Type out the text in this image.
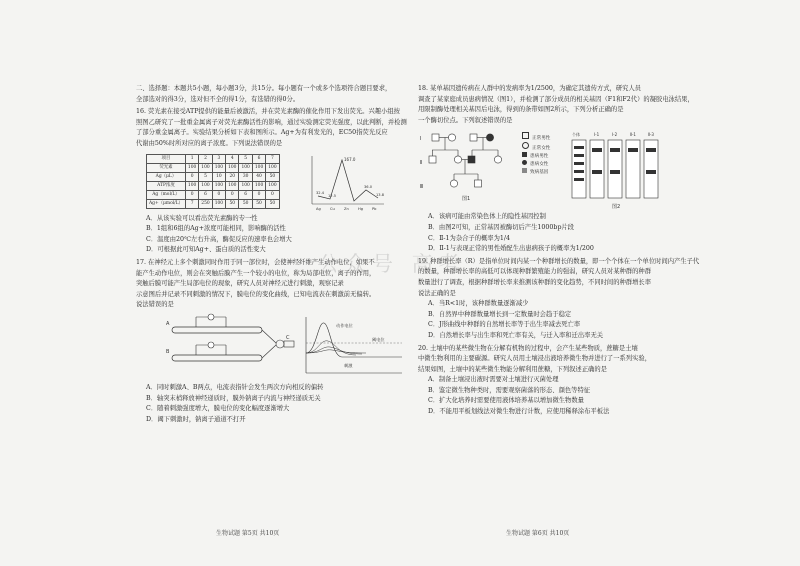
二、选择题：本题共5小题，每小题3分，共15分。每小题有一个或多个选项符合题目要求，
全部选对的得3分，选对但不全的得1分，有选错的得0分。
16. 荧光素在接受ATP提供的能量后被激活，并在荧光素酶的催化作用下发出荧光。兴趣小组按
照图乙研究了一批重金属离子对荧光素酶活性的影响，通过实验测定荧光强度，以此判断，并检测
了部分重金属离子。实验结果分析如下表和图所示。Ag+为有利发光的，EC50指荧光反应
代谢由50%时所对应的离子浓度。下列说法错误的是
项目	1	2	3	4	5	6	7
荧光素	100	100	100	100	100	100	100
Ag（μL）	0	5	10	20	30	40	50
ATP浓度	100	100	100	100	100	100	100
Ag（mol/L）	0	6	0	0	6	0	0
Ag+（μmol/L）	7	250	100	50	50	50	50
167.0
32.4
12.5
36.0
13.8
Ag	Cu	Zn	Hg	Pb
A．从该实验可以看出荧光素酶的专一性
B．1组和6组的Ag+浓度可能相同，影响酶的活性
C．温度由20℃左右升高，酶促反应的速率也会增大
D．可根据此可知Ag+、蛋白质的活性变大
17. 在神经元上多个刺激同时作用于同一部位时，会使神经纤维产生动作电位，如果不
能产生动作电位，则会在突触后膜产生一个较小的电位，称为局部电位，离子的作用，
突触后膜可能产生局部电位的现象，研究人员对神经元进行刺激，观察记录
示意图后并记录不同刺激的情况下，膜电位的变化曲线，已知电流表在刺激前无偏转。
说法错误的是
A
B
C
刺激
动作电位
阈电位
A．同时刺激A、B两点，电流表指针会发生两次方向相反的偏转
B．轴突末梢释放神经递质时，膜外钠离子内流与神经递质无关
C．随着刺激强度增大，膜电位的变化幅度逐渐增大
D．阈下刺激时，钠离子通道不打开
生物试题 第5页 共10页
18. 某单基因遗传病在人群中的发病率为1/2500，为确定其遗传方式，研究人员
调查了某家庭成员患病情况（图1），并检测了部分成员的相关基因（F1和F2代）的凝胶电泳结果，
用限制酶处理相关基因后电泳，得到的条带如图2所示，下列分析正确的是
一个酶切位点。下列叙述错误的是
Ⅰ
Ⅱ
Ⅲ
图1
正常男性
正常女性
患病男性
患病女性
致病基因
个体	Ⅰ-1	Ⅰ-2	Ⅱ-1	Ⅱ-3
图2
A．该病可能由常染色体上的隐性基因控制
B．由图2可知，正常基因被酶切后产生1000bp片段
C．Ⅱ-1为杂合子的概率为1/4
D．Ⅱ-1与表现正常的男性婚配生出患病孩子的概率为1/200
19. 种群增长率（R）是指单位时间内某一个种群增长的数量，即一个个体在一个单位时间内产生子代
的数量，种群增长率的高低可以体现种群繁殖能力的强弱，研究人员对某种群的种群
数量进行了调查，根据种群增长率来推测该种群的变化趋势，不同时间的种群增长率
说法正确的是
A．当R<1时，该种群数量逐渐减少
B．自然界中种群数量增长到一定数量时会趋于稳定
C．J形曲线中种群的自然增长率等于出生率减去死亡率
D．自然增长率与出生率和死亡率有关，与迁入率和迁出率无关
20. 土壤中的某些微生物在分解有机物的过程中，会产生某些物质，蔗糖是土壤
中微生物利用的主要碳源。研究人员用土壤浸出液培养微生物并进行了一系列实验，
结果如图，土壤中的某些微生物能分解利用蔗糖，下列叙述正确的是
A．制备土壤浸出液时需要对土壤进行灭菌处理
B．鉴定微生物种类时，需要观察菌落的形态、颜色等特征
C．扩大化培养时需要使用液体培养基以增加微生物数量
D．不能用平板划线法对微生物进行计数，应使用稀释涂布平板法
生物试题 第6页 共10页
公众号 高考
